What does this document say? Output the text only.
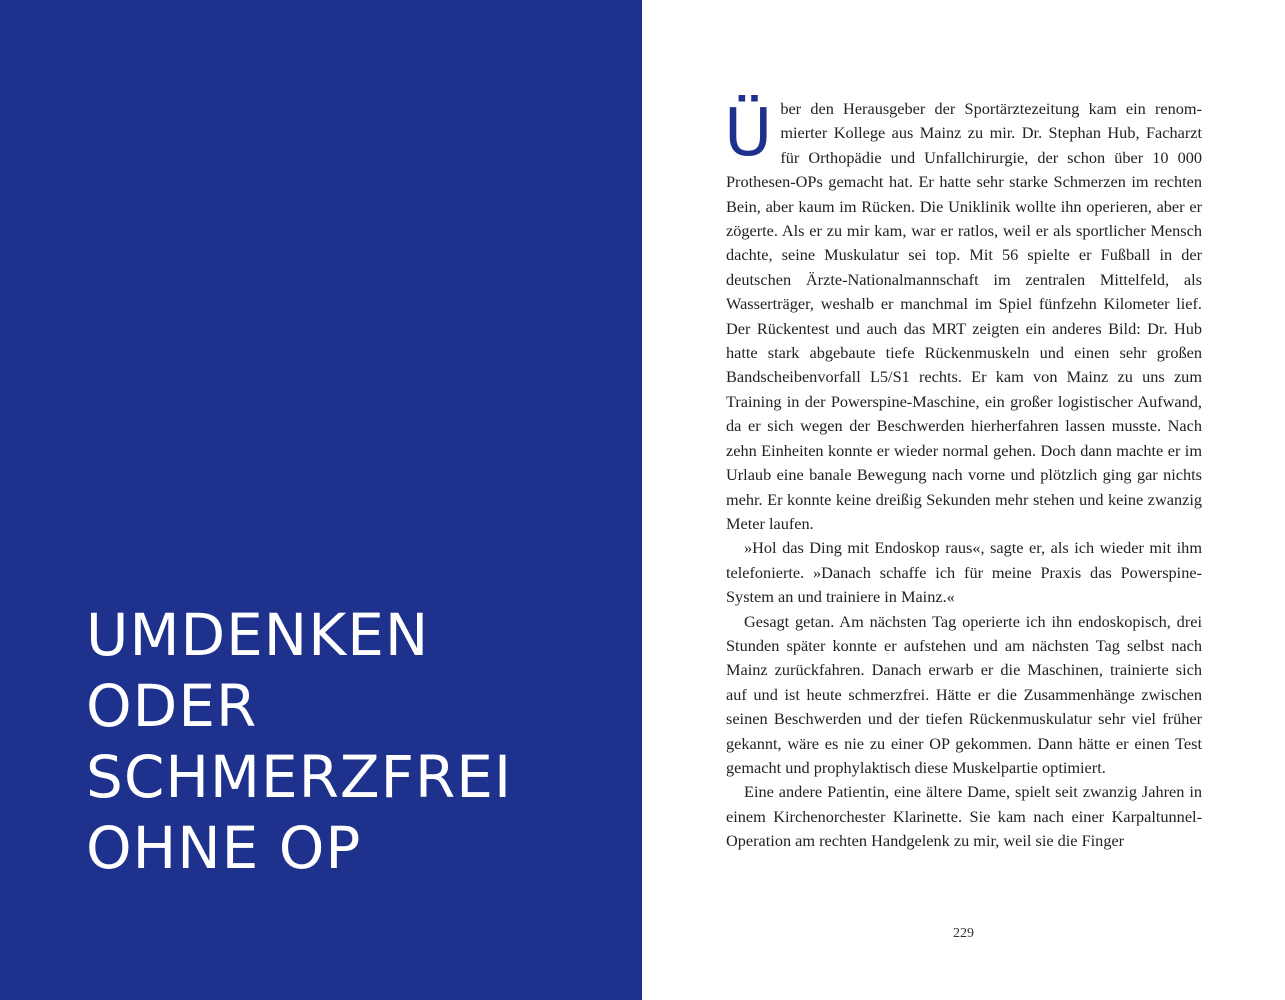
UMDENKEN
ODER
SCHMERZFREI
OHNE OP

Über den Herausgeber der Sportärztezeitung kam ein renommierter Kollege aus Mainz zu mir. Dr. Stephan Hub, Facharzt für Orthopädie und Unfallchirurgie, der schon über 10 000 Prothesen-OPs gemacht hat. Er hatte sehr starke Schmerzen im rechten Bein, aber kaum im Rücken. Die Uniklinik wollte ihn operieren, aber er zögerte. Als er zu mir kam, war er ratlos, weil er als sportlicher Mensch dachte, seine Muskulatur sei top. Mit 56 spielte er Fußball in der deutschen Ärzte-Nationalmannschaft im zentralen Mittelfeld, als Wasserträger, weshalb er manchmal im Spiel fünfzehn Kilometer lief. Der Rückentest und auch das MRT zeigten ein anderes Bild: Dr. Hub hatte stark abgebaute tiefe Rückenmuskeln und einen sehr großen Bandscheibenvorfall L5/S1 rechts. Er kam von Mainz zu uns zum Training in der Powerspine-Maschine, ein großer logistischer Aufwand, da er sich wegen der Beschwerden hierherfahren lassen musste. Nach zehn Einheiten konnte er wieder normal gehen. Doch dann machte er im Urlaub eine banale Bewegung nach vorne und plötzlich ging gar nichts mehr. Er konnte keine dreißig Sekunden mehr stehen und keine zwanzig Meter laufen.

»Hol das Ding mit Endoskop raus«, sagte er, als ich wieder mit ihm telefonierte. »Danach schaffe ich für meine Praxis das Powerspine-System an und trainiere in Mainz.«

Gesagt getan. Am nächsten Tag operierte ich ihn endoskopisch, drei Stunden später konnte er aufstehen und am nächsten Tag selbst nach Mainz zurückfahren. Danach erwarb er die Maschinen, trainierte sich auf und ist heute schmerzfrei. Hätte er die Zusammenhänge zwischen seinen Beschwerden und der tiefen Rückenmuskulatur sehr viel früher gekannt, wäre es nie zu einer OP gekommen. Dann hätte er einen Test gemacht und prophylaktisch diese Muskelpartie optimiert.

Eine andere Patientin, eine ältere Dame, spielt seit zwanzig Jahren in einem Kirchenorchester Klarinette. Sie kam nach einer Karpaltunnel-Operation am rechten Handgelenk zu mir, weil sie die Finger

229
